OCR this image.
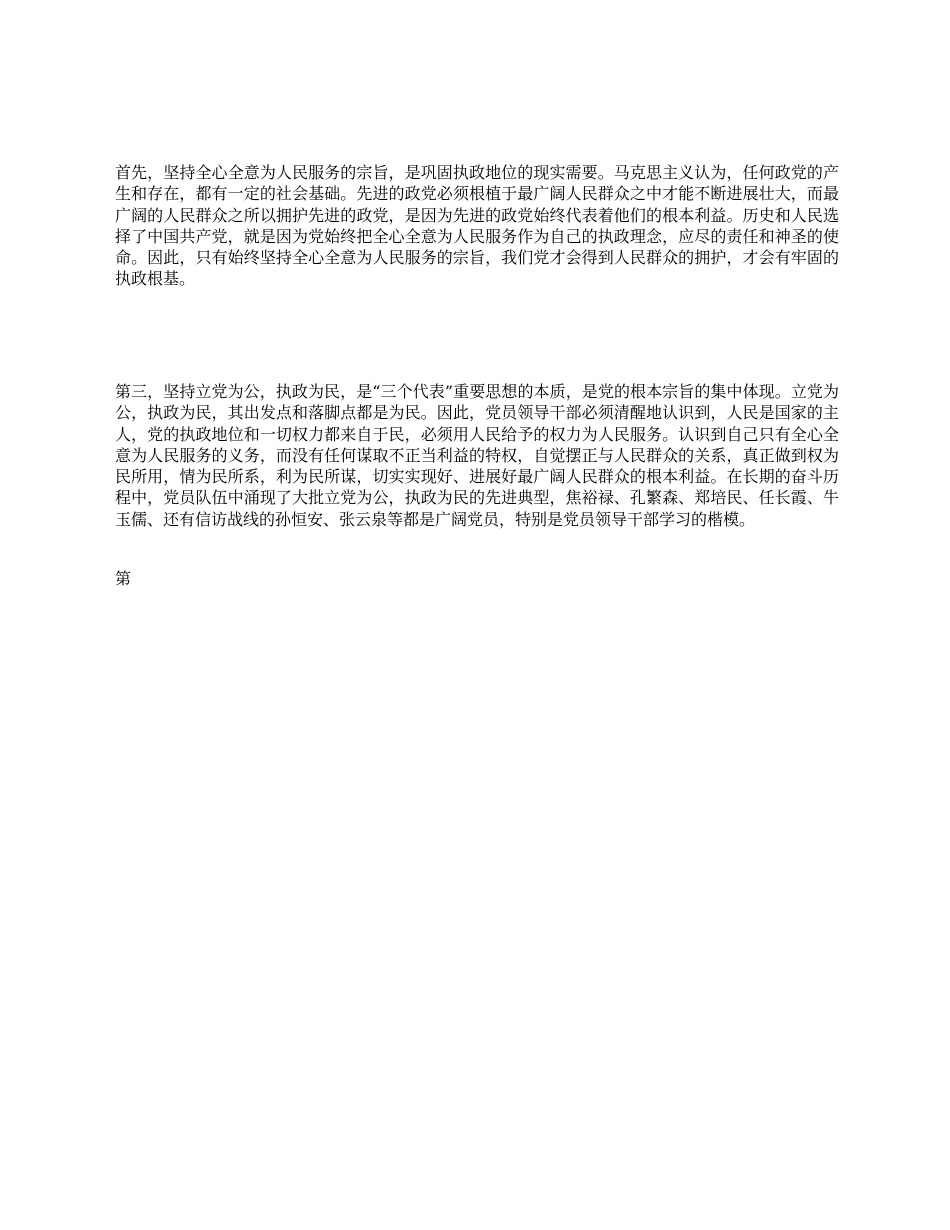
首先，坚持全心全意为人民服务的宗旨，是巩固执政地位的现实需要。马克思主义认为，任何政党的产生和存在，都有一定的社会基础。先进的政党必须根植于最广阔人民群众之中才能不断进展壮大，而最广阔的人民群众之所以拥护先进的政党，是因为先进的政党始终代表着他们的根本利益。历史和人民选择了中国共产党，就是因为党始终把全心全意为人民服务作为自己的执政理念，应尽的责任和神圣的使命。因此，只有始终坚持全心全意为人民服务的宗旨，我们党才会得到人民群众的拥护，才会有牢固的执政根基。

第三，坚持立党为公，执政为民，是“三个代表”重要思想的本质，是党的根本宗旨的集中体现。立党为公，执政为民，其出发点和落脚点都是为民。因此，党员领导干部必须清醒地认识到，人民是国家的主人，党的执政地位和一切权力都来自于民，必须用人民给予的权力为人民服务。认识到自己只有全心全意为人民服务的义务，而没有任何谋取不正当利益的特权，自觉摆正与人民群众的关系，真正做到权为民所用，情为民所系，利为民所谋，切实实现好、进展好最广阔人民群众的根本利益。在长期的奋斗历程中，党员队伍中涌现了大批立党为公，执政为民的先进典型，焦裕禄、孔繁森、郑培民、任长霞、牛玉儒、还有信访战线的孙恒安、张云泉等都是广阔党员，特别是党员领导干部学习的楷模。

第
